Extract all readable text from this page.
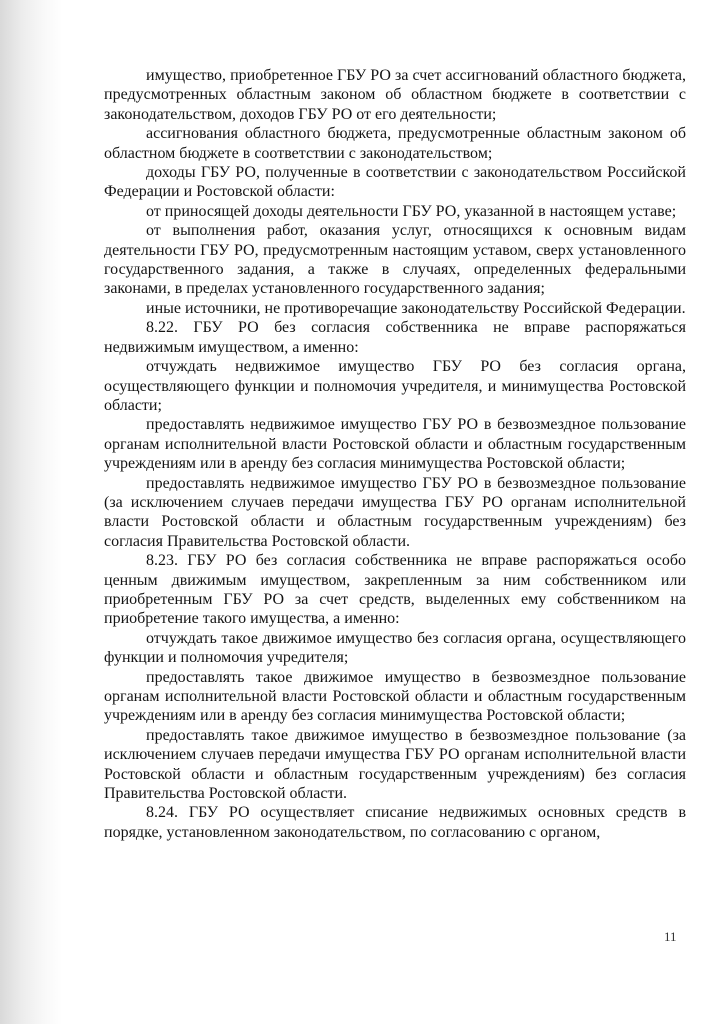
имущество, приобретенное ГБУ РО за счет ассигнований областного бюджета, предусмотренных областным законом об областном бюджете в соответствии с законодательством, доходов ГБУ РО от его деятельности;

ассигнования областного бюджета, предусмотренные областным законом об областном бюджете в соответствии с законодательством;

доходы ГБУ РО, полученные в соответствии с законодательством Российской Федерации и Ростовской области:

от приносящей доходы деятельности ГБУ РО, указанной в настоящем уставе;

от выполнения работ, оказания услуг, относящихся к основным видам деятельности ГБУ РО, предусмотренным настоящим уставом, сверх установленного государственного задания, а также в случаях, определенных федеральными законами, в пределах установленного государственного задания;

иные источники, не противоречащие законодательству Российской Федерации.

8.22. ГБУ РО без согласия собственника не вправе распоряжаться недвижимым имуществом, а именно:

отчуждать недвижимое имущество ГБУ РО без согласия органа, осуществляющего функции и полномочия учредителя, и минимущества Ростовской области;

предоставлять недвижимое имущество ГБУ РО в безвозмездное пользование органам исполнительной власти Ростовской области и областным государственным учреждениям или в аренду без согласия минимущества Ростовской области;

предоставлять недвижимое имущество ГБУ РО в безвозмездное пользование (за исключением случаев передачи имущества ГБУ РО органам исполнительной власти Ростовской области и областным государственным учреждениям) без согласия Правительства Ростовской области.

8.23. ГБУ РО без согласия собственника не вправе распоряжаться особо ценным движимым имуществом, закрепленным за ним собственником или приобретенным ГБУ РО за счет средств, выделенных ему собственником на приобретение такого имущества, а именно:

отчуждать такое движимое имущество без согласия органа, осуществляющего функции и полномочия учредителя;

предоставлять такое движимое имущество в безвозмездное пользование органам исполнительной власти Ростовской области и областным государственным учреждениям или в аренду без согласия минимущества Ростовской области;

предоставлять такое движимое имущество в безвозмездное пользование (за исключением случаев передачи имущества ГБУ РО органам исполнительной власти Ростовской области и областным государственным учреждениям) без согласия Правительства Ростовской области.

8.24. ГБУ РО осуществляет списание недвижимых основных средств в порядке, установленном законодательством, по согласованию с органом,

11
